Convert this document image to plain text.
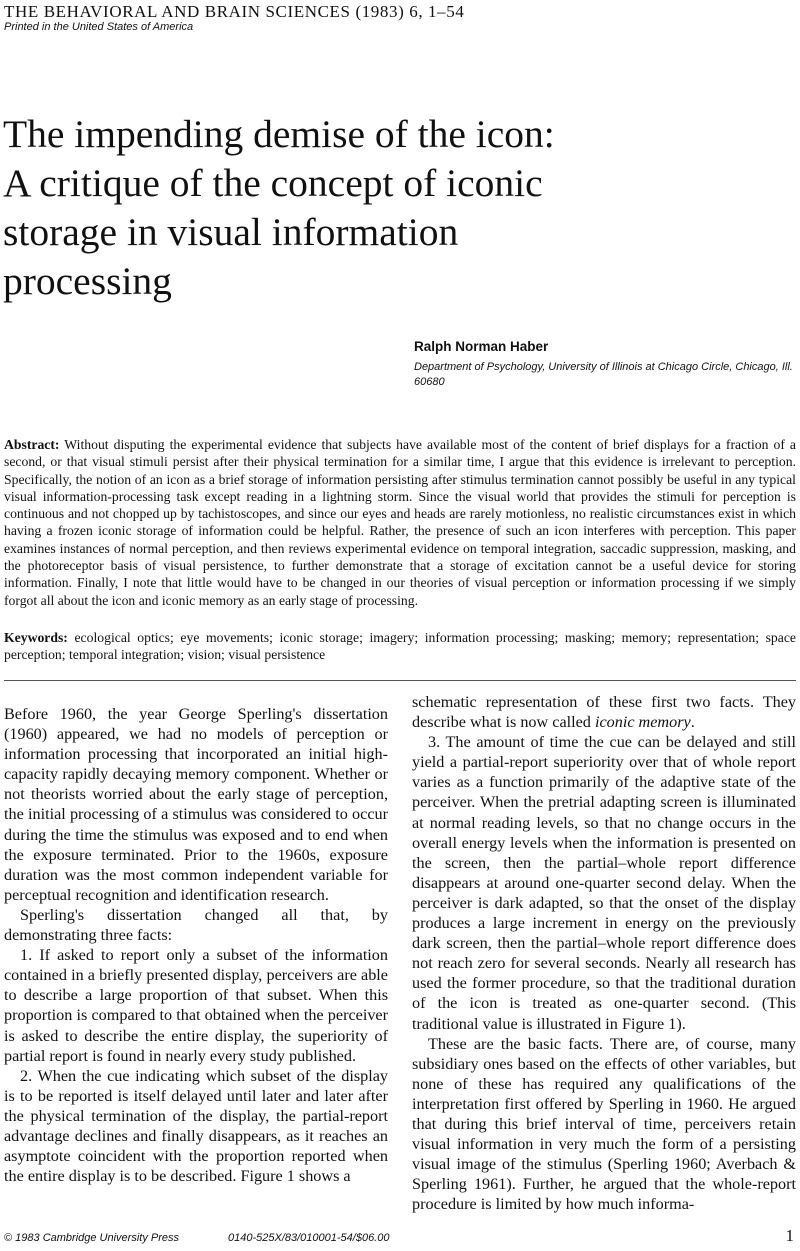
THE BEHAVIORAL AND BRAIN SCIENCES (1983) 6, 1–54
Printed in the United States of America
The impending demise of the icon:
A critique of the concept of iconic
storage in visual information
processing
Ralph Norman Haber
Department of Psychology, University of Illinois at Chicago Circle, Chicago, Ill. 60680

Abstract: Without disputing the experimental evidence that subjects have available most of the content of brief displays for a fraction of a second, or that visual stimuli persist after their physical termination for a similar time, I argue that this evidence is irrelevant to perception. Specifically, the notion of an icon as a brief storage of information persisting after stimulus termination cannot possibly be useful in any typical visual information-processing task except reading in a lightning storm. Since the visual world that provides the stimuli for perception is continuous and not chopped up by tachistoscopes, and since our eyes and heads are rarely motionless, no realistic circumstances exist in which having a frozen iconic storage of information could be helpful. Rather, the presence of such an icon interferes with perception. This paper examines instances of normal perception, and then reviews experimental evidence on temporal integration, saccadic suppression, masking, and the photoreceptor basis of visual persistence, to further demonstrate that a storage of excitation cannot be a useful device for storing information. Finally, I note that little would have to be changed in our theories of visual perception or information processing if we simply forgot all about the icon and iconic memory as an early stage of processing.

Keywords: ecological optics; eye movements; iconic storage; imagery; information processing; masking; memory; representation; space perception; temporal integration; vision; visual persistence

Before 1960, the year George Sperling's dissertation (1960) appeared, we had no models of perception or information processing that incorporated an initial high-capacity rapidly decaying memory component. Whether or not theorists worried about the early stage of perception, the initial processing of a stimulus was considered to occur during the time the stimulus was exposed and to end when the exposure terminated. Prior to the 1960s, exposure duration was the most common independent variable for perceptual recognition and identification research.

Sperling's dissertation changed all that, by demonstrating three facts:

1. If asked to report only a subset of the information contained in a briefly presented display, perceivers are able to describe a large proportion of that subset. When this proportion is compared to that obtained when the perceiver is asked to describe the entire display, the superiority of partial report is found in nearly every study published.

2. When the cue indicating which subset of the display is to be reported is itself delayed until later and later after the physical termination of the display, the partial-report advantage declines and finally disappears, as it reaches an asymptote coincident with the proportion reported when the entire display is to be described. Figure 1 shows a

schematic representation of these first two facts. They describe what is now called iconic memory.

3. The amount of time the cue can be delayed and still yield a partial-report superiority over that of whole report varies as a function primarily of the adaptive state of the perceiver. When the pretrial adapting screen is illuminated at normal reading levels, so that no change occurs in the overall energy levels when the information is presented on the screen, then the partial–whole report difference disappears at around one-quarter second delay. When the perceiver is dark adapted, so that the onset of the display produces a large increment in energy on the previously dark screen, then the partial–whole report difference does not reach zero for several seconds. Nearly all research has used the former procedure, so that the traditional duration of the icon is treated as one-quarter second. (This traditional value is illustrated in Figure 1).

These are the basic facts. There are, of course, many subsidiary ones based on the effects of other variables, but none of these has required any qualifications of the interpretation first offered by Sperling in 1960. He argued that during this brief interval of time, perceivers retain visual information in very much the form of a persisting visual image of the stimulus (Sperling 1960; Averbach & Sperling 1961). Further, he argued that the whole-report procedure is limited by how much informa-

© 1983 Cambridge University Press	0140-525X/83/010001-54/$06.00	1
